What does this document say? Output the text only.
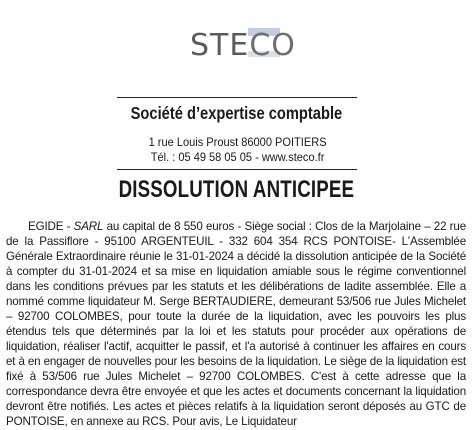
STECO
Société d’expertise comptable
1 rue Louis Proust 86000 POITIERS
Tél. : 05 49 58 05 05 - www.steco.fr
DISSOLUTION ANTICIPEE
EGIDE - SARL au capital de 8 550 euros - Siège social : Clos de la Marjolaine – 22 rue de la Passiflore - 95100 ARGENTEUIL - 332 604 354 RCS PONTOISE- L'Assemblée Générale Extraordinaire réunie le 31-01-2024 a décidé la dissolution anticipée de la Société à compter du 31-01-2024 et sa mise en liquidation amiable sous le régime conventionnel dans les conditions prévues par les statuts et les délibérations de ladite assemblée. Elle a nommé comme liquidateur M. Serge BERTAUDIERE, demeurant 53/506 rue Jules Michelet – 92700 COLOMBES, pour toute la durée de la liquidation, avec les pouvoirs les plus étendus tels que déterminés par la loi et les statuts pour procéder aux opérations de liquidation, réaliser l'actif, acquitter le passif, et l'a autorisé à continuer les affaires en cours et à en engager de nouvelles pour les besoins de la liquidation. Le siège de la liquidation est fixé à 53/506 rue Jules Michelet – 92700 COLOMBES. C'est à cette adresse que la correspondance devra être envoyée et que les actes et documents concernant la liquidation devront être notifiés. Les actes et pièces relatifs à la liquidation seront déposés au GTC de PONTOISE, en annexe au RCS. Pour avis, Le Liquidateur
